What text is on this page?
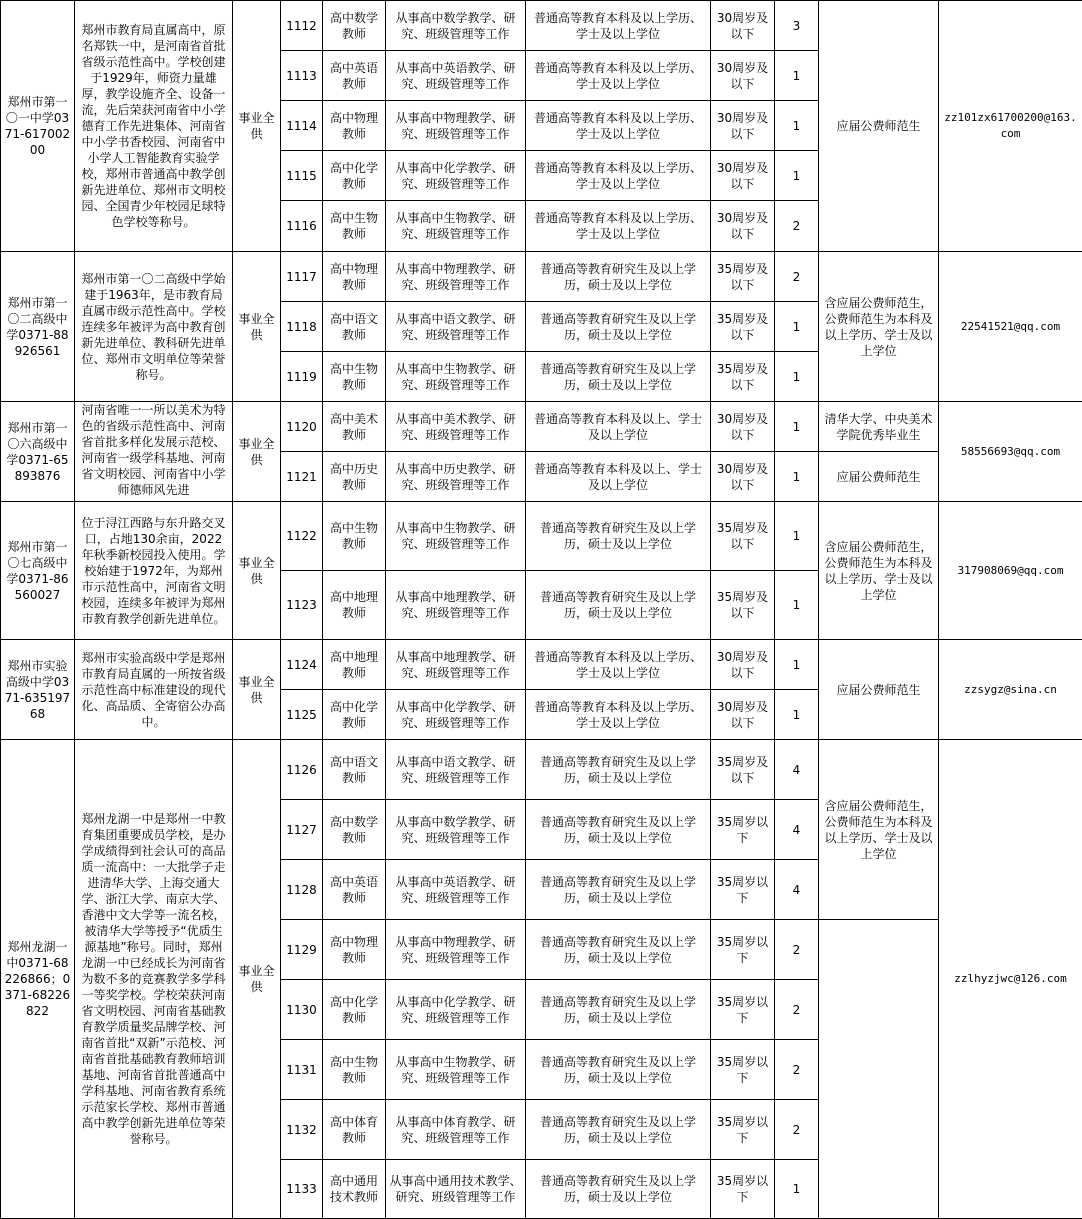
郑州市第一〇一中学0371-61700200	郑州市教育局直属高中，原名郑铁一中，是河南省首批省级示范性高中。学校创建于1929年，师资力量雄厚，教学设施齐全、设备一流，先后荣获河南省中小学德育工作先进集体、河南省中小学书香校园、河南省中小学人工智能教育实验学校，郑州市普通高中教学创新先进单位、郑州市文明校园、全国青少年校园足球特色学校等称号。	事业全供	1112	高中数学教师	从事高中数学教学、研究、班级管理等工作	普通高等教育本科及以上学历、学士及以上学位	30周岁及以下	3	应届公费师范生	zz101zx61700200@163.com
			1113	高中英语教师	从事高中英语教学、研究、班级管理等工作	普通高等教育本科及以上学历、学士及以上学位	30周岁及以下	1		
			1114	高中物理教师	从事高中物理教学、研究、班级管理等工作	普通高等教育本科及以上学历、学士及以上学位	30周岁及以下	1		
			1115	高中化学教师	从事高中化学教学、研究、班级管理等工作	普通高等教育本科及以上学历、学士及以上学位	30周岁及以下	1		
			1116	高中生物教师	从事高中生物教学、研究、班级管理等工作	普通高等教育本科及以上学历、学士及以上学位	30周岁及以下	2		
郑州市第一〇二高级中学0371-88926561	郑州市第一〇二高级中学始建于1963年，是市教育局直属市级示范性高中。学校连续多年被评为高中教育创新先进单位、教科研先进单位、郑州市文明单位等荣誉称号。	事业全供	1117	高中物理教师	从事高中物理教学、研究、班级管理等工作	普通高等教育研究生及以上学历，硕士及以上学位	35周岁及以下	2	含应届公费师范生，公费师范生为本科及以上学历、学士及以上学位	22541521@qq.com
			1118	高中语文教师	从事高中语文教学、研究、班级管理等工作	普通高等教育研究生及以上学历，硕士及以上学位	35周岁及以下	1		
			1119	高中生物教师	从事高中生物教学、研究、班级管理等工作	普通高等教育研究生及以上学历，硕士及以上学位	35周岁及以下	1		
郑州市第一〇六高级中学0371-65893876	河南省唯一一所以美术为特色的省级示范性高中、河南省首批多样化发展示范校、河南省一级学科基地、河南省文明校园、河南省中小学师德师风先进	事业全供	1120	高中美术教师	从事高中美术教学、研究、班级管理等工作	普通高等教育本科及以上、学士及以上学位	30周岁及以下	1	清华大学、中央美术学院优秀毕业生	58556693@qq.com
			1121	高中历史教师	从事高中历史教学、研究、班级管理等工作	普通高等教育本科及以上、学士及以上学位	30周岁及以下	1	应届公费师范生	
郑州市第一〇七高级中学0371-86560027	位于浔江西路与东升路交叉口，占地130余亩，2022年秋季新校园投入使用。学校始建于1972年，为郑州市示范性高中，河南省文明校园，连续多年被评为郑州市教育教学创新先进单位。	事业全供	1122	高中生物教师	从事高中生物教学、研究、班级管理等工作	普通高等教育研究生及以上学历，硕士及以上学位	35周岁及以下	1	含应届公费师范生，公费师范生为本科及以上学历、学士及以上学位	317908069@qq.com
			1123	高中地理教师	从事高中地理教学、研究、班级管理等工作	普通高等教育研究生及以上学历，硕士及以上学位	35周岁及以下	1		
郑州市实验高级中学0371-63519768	郑州市实验高级中学是郑州市教育局直属的一所按省级示范性高中标准建设的现代化、高品质、全寄宿公办高中。	事业全供	1124	高中地理教师	从事高中地理教学、研究、班级管理等工作	普通高等教育本科及以上学历、学士及以上学位	30周岁及以下	1	应届公费师范生	zzsygz@sina.cn
			1125	高中化学教师	从事高中化学教学、研究、班级管理等工作	普通高等教育本科及以上学历、学士及以上学位	30周岁及以下	1		
郑州龙湖一中0371-68226866；0371-68226822	郑州龙湖一中是郑州一中教育集团重要成员学校，是办学成绩得到社会认可的高品质一流高中：一大批学子走进清华大学、上海交通大学、浙江大学、南京大学、香港中文大学等一流名校，被清华大学等授予“优质生源基地”称号。同时，郑州龙湖一中已经成长为河南省为数不多的竞赛教学多学科一等奖学校。学校荣获河南省文明校园、河南省基础教育教学质量奖品牌学校、河南省首批“双新”示范校、河南省首批基础教育教师培训基地、河南省首批普通高中学科基地、河南省教育系统示范家长学校、郑州市普通高中教学创新先进单位等荣誉称号。	事业全供	1126	高中语文教师	从事高中语文教学、研究、班级管理等工作	普通高等教育研究生及以上学历，硕士及以上学位	35周岁及以下	4	含应届公费师范生，公费师范生为本科及以上学历、学士及以上学位	zzlhyzjwc@126.com
			1127	高中数学教师	从事高中数学教学、研究、班级管理等工作	普通高等教育研究生及以上学历，硕士及以上学位	35周岁以下	4		
			1128	高中英语教师	从事高中英语教学、研究、班级管理等工作	普通高等教育研究生及以上学历，硕士及以上学位	35周岁以下	4		
			1129	高中物理教师	从事高中物理教学、研究、班级管理等工作	普通高等教育研究生及以上学历，硕士及以上学位	35周岁以下	2		
			1130	高中化学教师	从事高中化学教学、研究、班级管理等工作	普通高等教育研究生及以上学历，硕士及以上学位	35周岁以下	2		
			1131	高中生物教师	从事高中生物教学、研究、班级管理等工作	普通高等教育研究生及以上学历，硕士及以上学位	35周岁以下	2		
			1132	高中体育教师	从事高中体育教学、研究、班级管理等工作	普通高等教育研究生及以上学历，硕士及以上学位	35周岁以下	2		
			1133	高中通用技术教师	从事高中通用技术教学、研究、班级管理等工作	普通高等教育研究生及以上学历，硕士及以上学位	35周岁以下	1		
